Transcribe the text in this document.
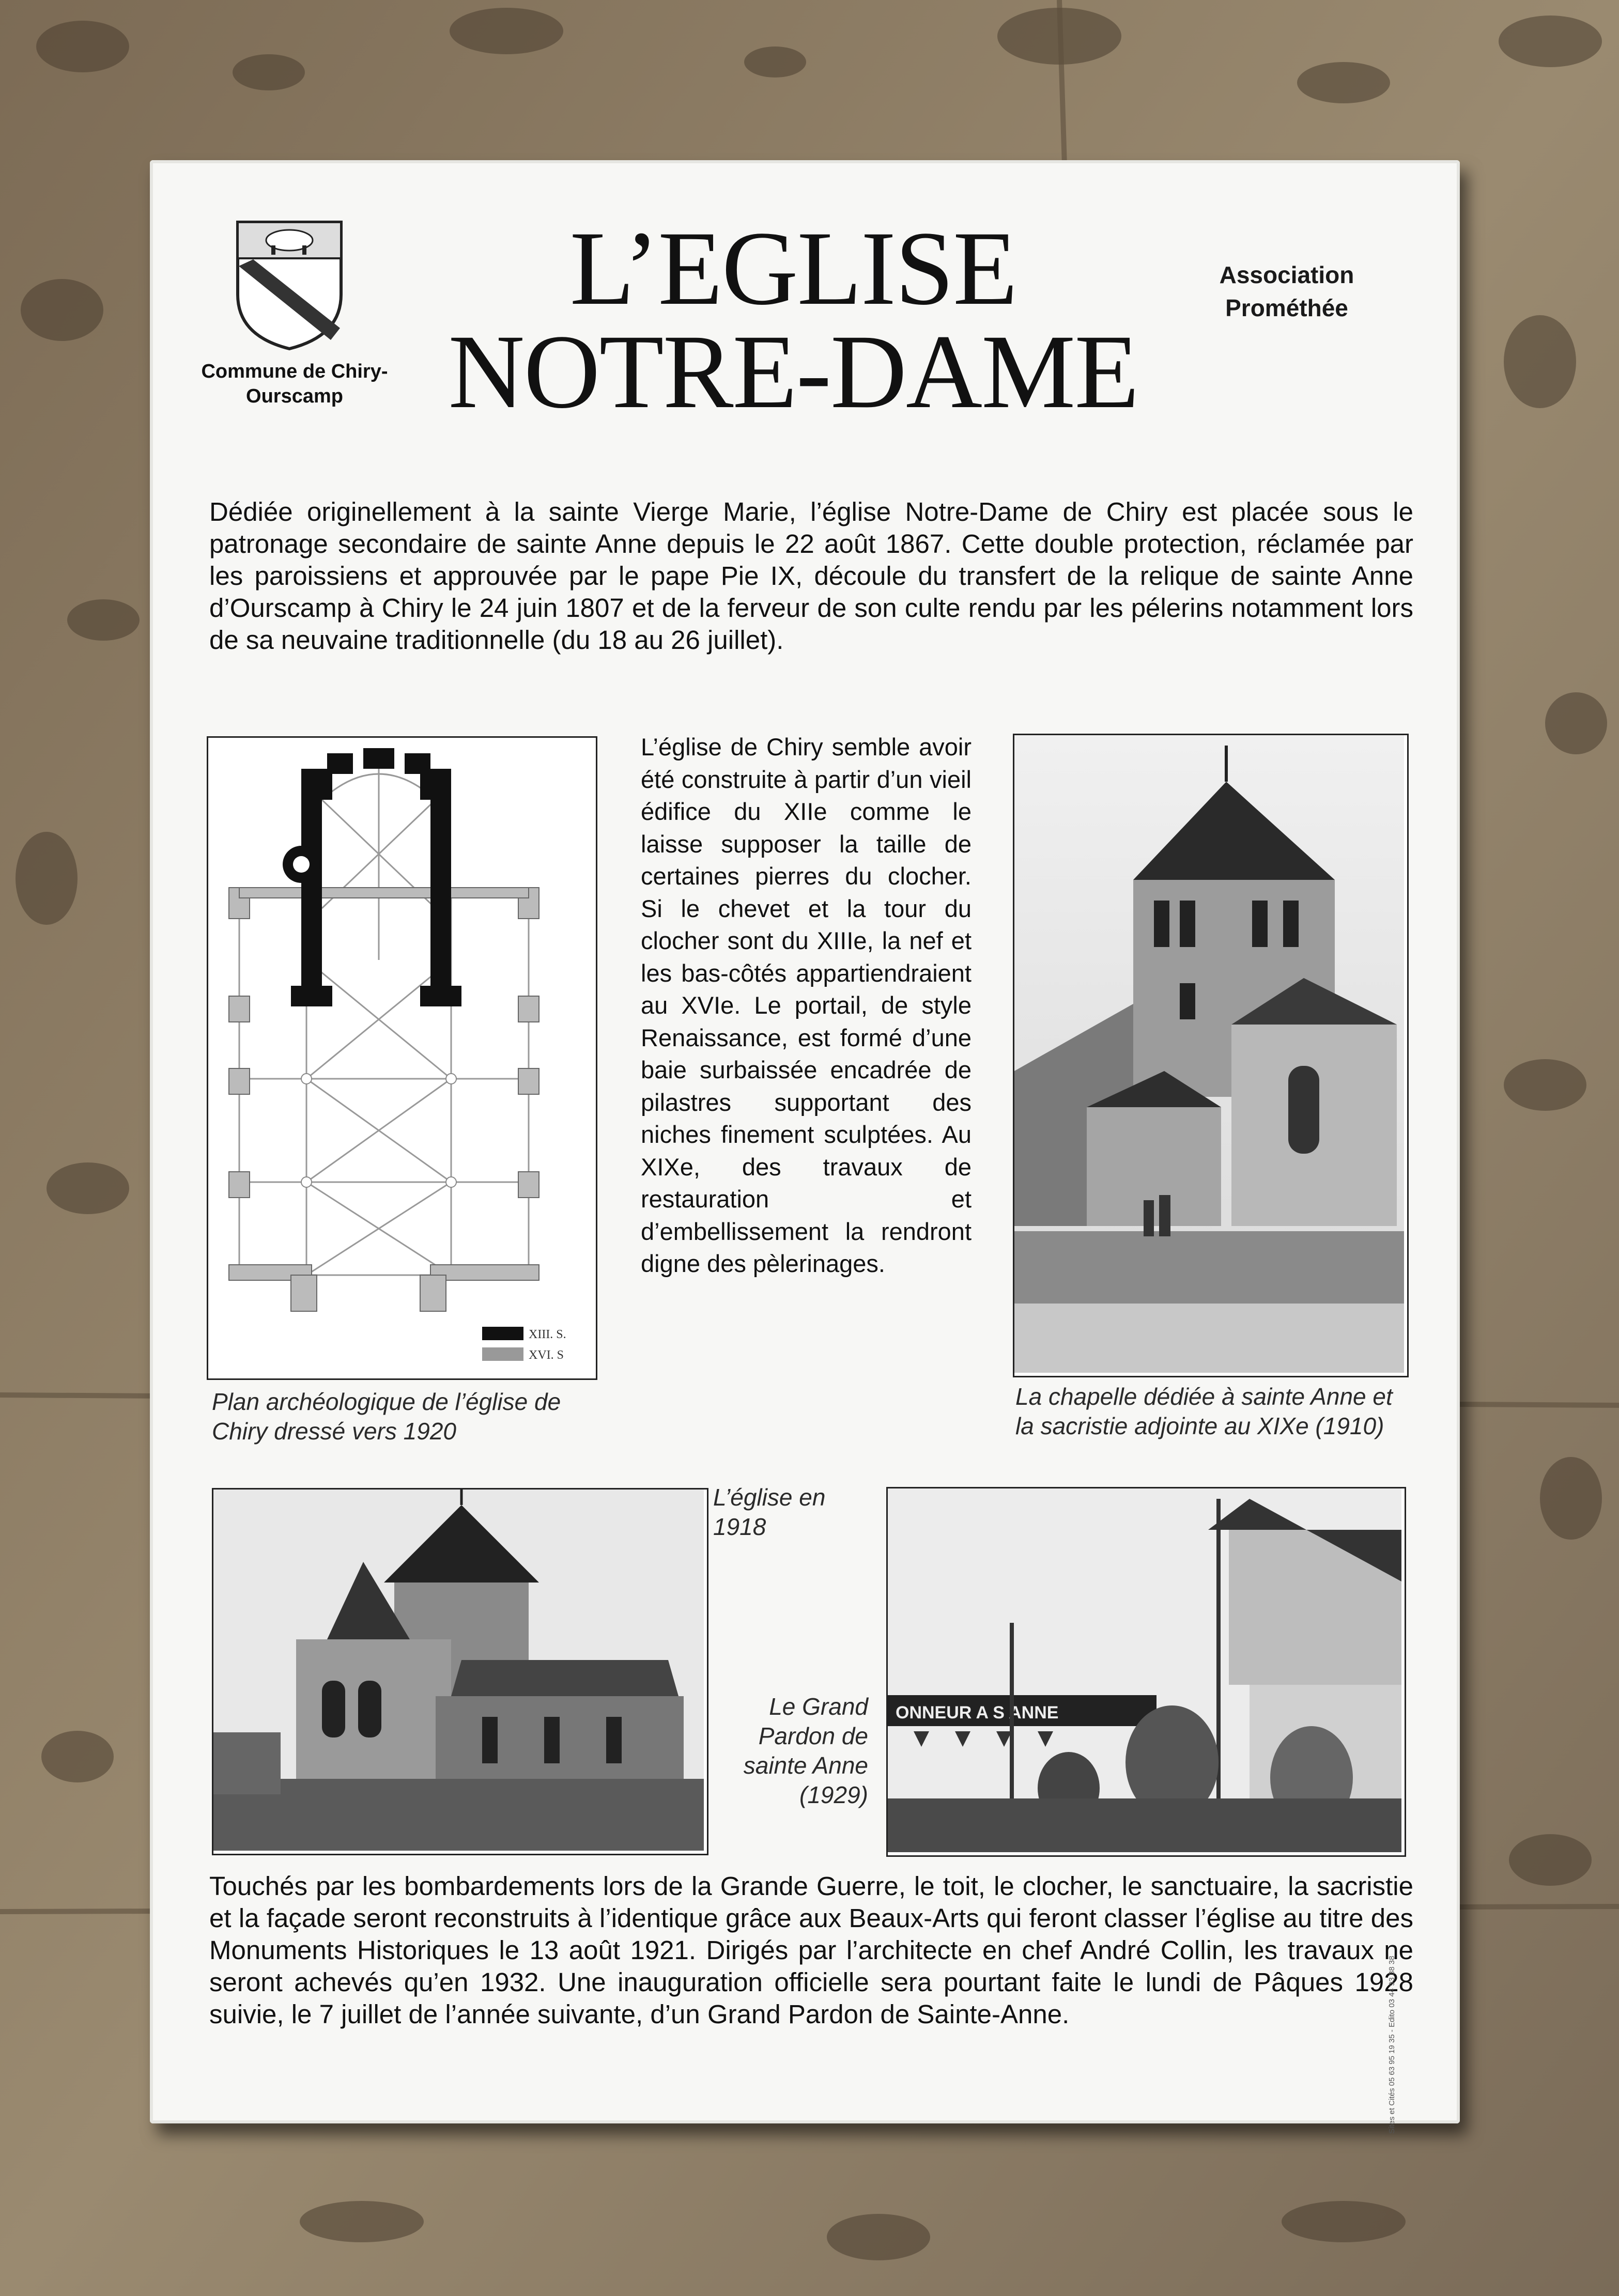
Commune de Chiry-Ourscamp
L’EGLISE
NOTRE-DAME
Association Prométhée
Dédiée originellement à la sainte Vierge Marie, l’église Notre-Dame de Chiry est placée sous le patronage secondaire de sainte Anne depuis le 22 août 1867. Cette double protection, réclamée par les paroissiens et approuvée par le pape Pie IX, découle du transfert de la relique de sainte Anne d’Ourscamp à Chiry le 24 juin 1807 et de la ferveur de son culte rendu par les pélerins notamment lors de sa neuvaine traditionnelle (du 18 au 26 juillet).
XIII. S.
XVI. S
Plan archéologique de l’église de Chiry dressé vers 1920
L’église de Chiry semble avoir été construite à partir d’un vieil édifice du XIIe comme le laisse supposer la taille de certaines pierres du clocher. Si le chevet et la tour du clocher sont du XIIIe, la nef et les bas-côtés appartiendraient au XVIe. Le portail, de style Renaissance, est formé d’une baie surbaissée encadrée de pilastres supportant des niches finement sculptées. Au XIXe, des travaux de restauration et d’embellissement la rendront digne des pèlerinages.
La chapelle dédiée à sainte Anne et la sacristie adjointe au XIXe (1910)
L’église en 1918
ONNEUR A S ANNE
Le Grand Pardon de sainte Anne (1929)
Touchés par les bombardements lors de la Grande Guerre, le toit, le clocher, le sanctuaire, la sacristie et la façade seront reconstruits à l’identique grâce aux Beaux-Arts qui feront classer l’église au titre des Monuments Historiques le 13 août 1921. Dirigés par l’architecte en chef André Collin, les travaux ne seront achevés qu’en 1932. Une inauguration officielle sera pourtant faite le lundi de Pâques 1928 suivie, le 7 juillet de l’année suivante, d’un Grand Pardon de Sainte-Anne.	Sites et Cités 05 63 95 19 35 - Edito 03 44 93 38 38
